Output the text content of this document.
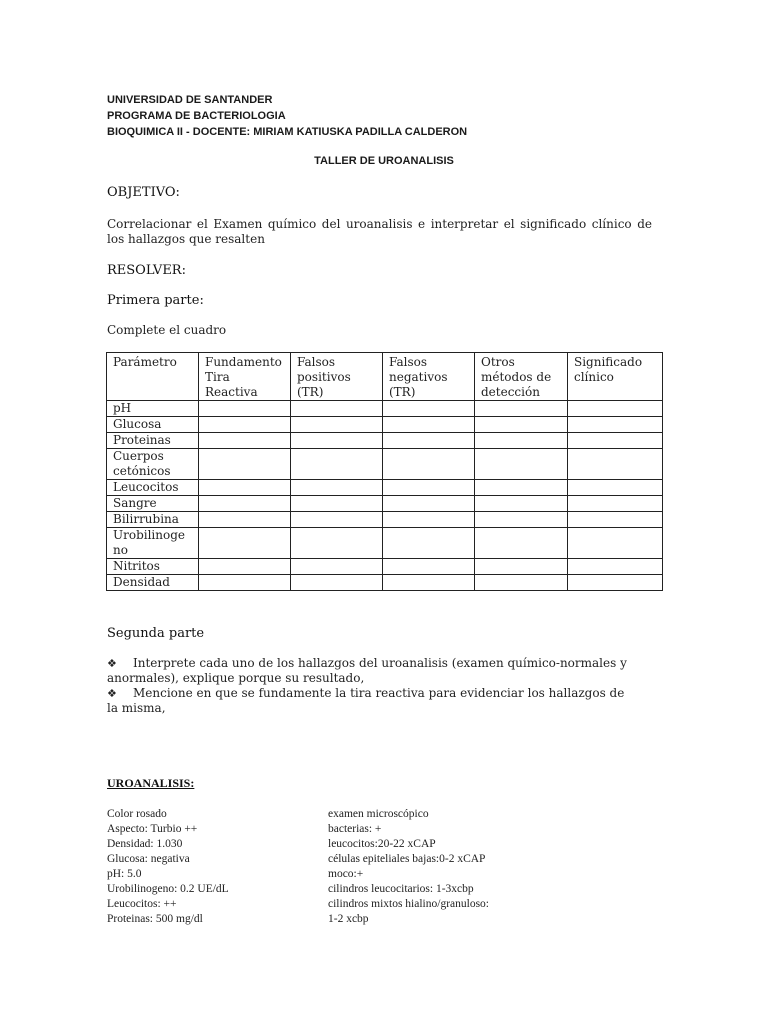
UNIVERSIDAD DE SANTANDER
PROGRAMA DE BACTERIOLOGIA
BIOQUIMICA II - DOCENTE: MIRIAM KATIUSKA PADILLA CALDERON
TALLER DE UROANALISIS
OBJETIVO:
Correlacionar el Examen químico del uroanalisis e interpretar el significado clínico de los hallazgos que resalten
RESOLVER:
Primera parte:
Complete el cuadro
Parámetro	Fundamento Tira Reactiva	Falsos positivos (TR)	Falsos negativos (TR)	Otros métodos de detección	Significado clínico
pH					
Glucosa					
Proteinas					
Cuerpos cetónicos					
Leucocitos					
Sangre					
Bilirrubina					
Urobilinogeno					
Nitritos					
Densidad					
Segunda parte
❖ Interprete cada uno de los hallazgos del uroanalisis (examen químico-normales y anormales), explique porque su resultado,
❖ Mencione en que se fundamente la tira reactiva para evidenciar los hallazgos de la misma,
UROANALISIS:
Color rosado
Aspecto: Turbio ++
Densidad: 1.030
Glucosa: negativa
pH: 5.0
Urobilinogeno: 0.2 UE/dL
Leucocitos: ++
Proteinas: 500 mg/dl
examen microscópico
bacterias: +
leucocitos:20-22 xCAP
células epiteliales bajas:0-2 xCAP
moco:+
cilindros leucocitarios: 1-3xcbp
cilindros mixtos hialino/granuloso:
1-2 xcbp
